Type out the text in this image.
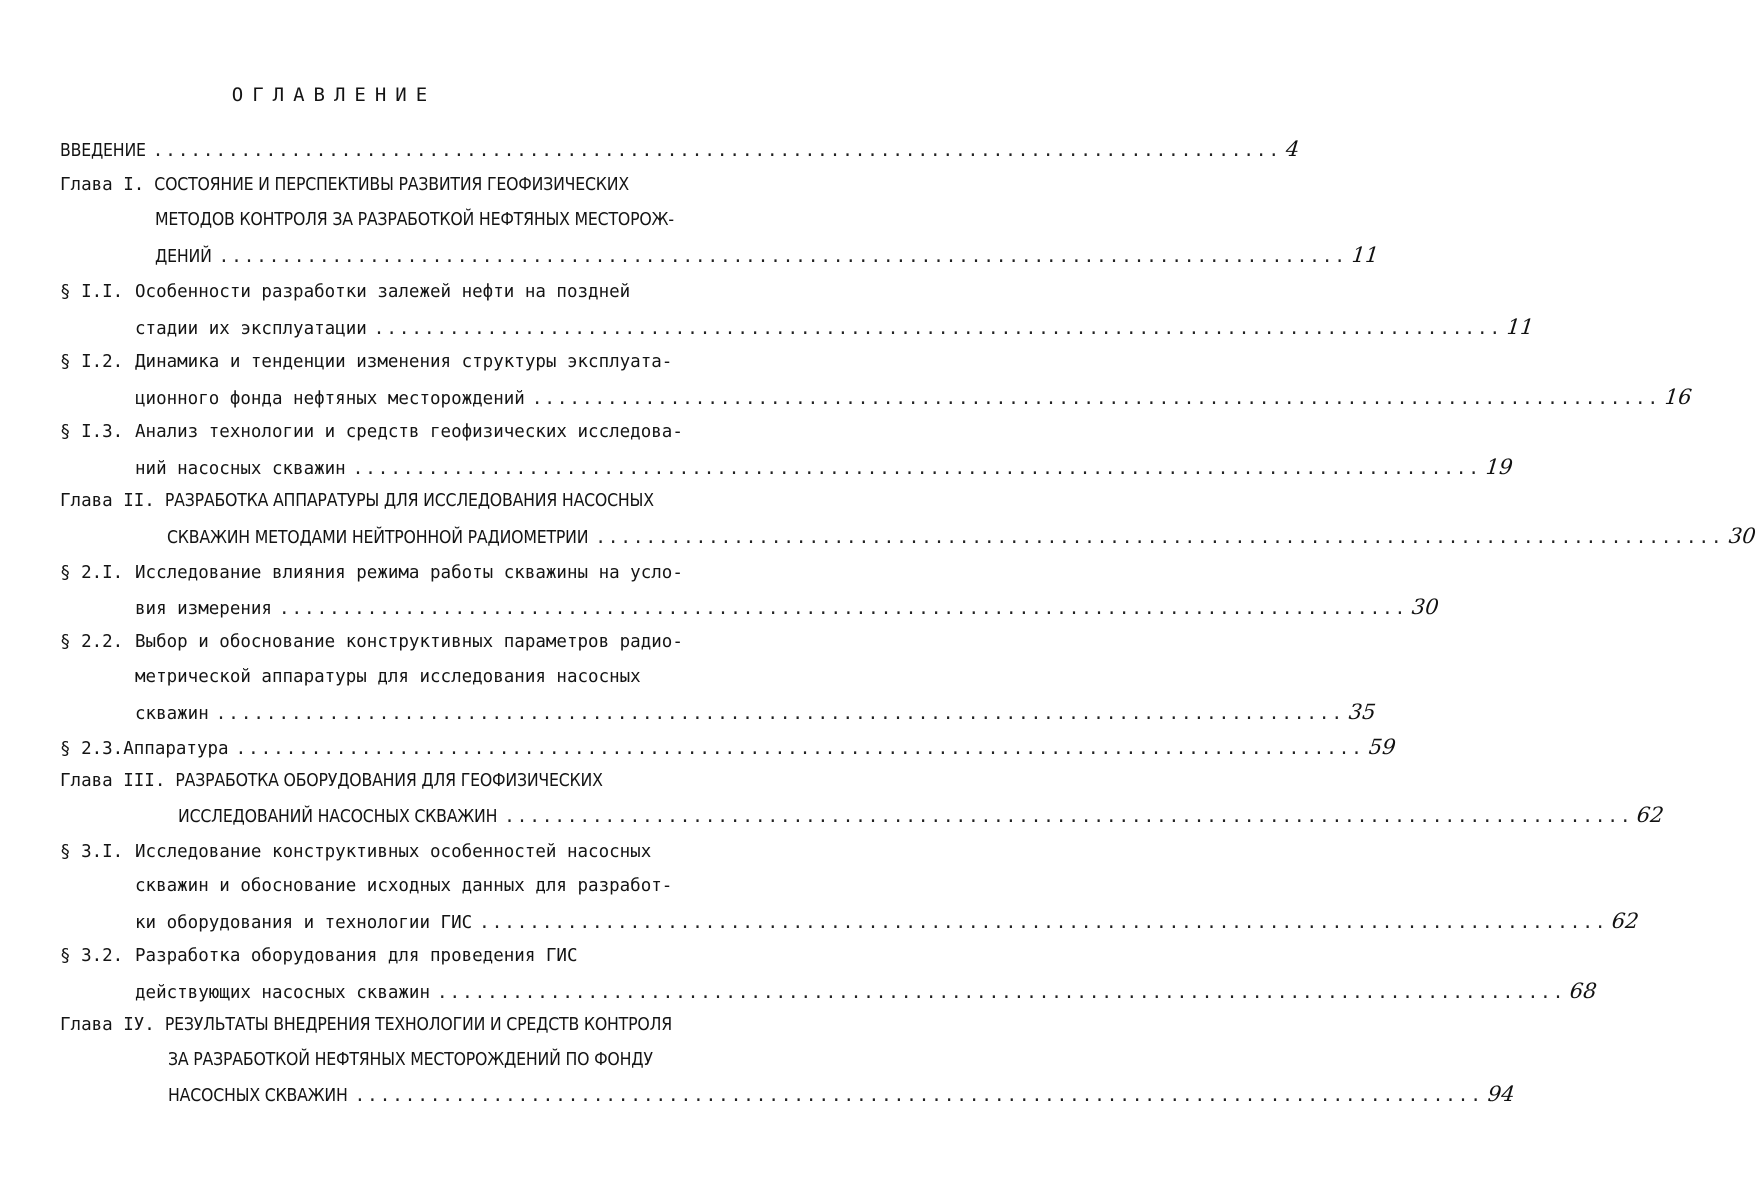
ОГЛАВЛЕНИЕ
ВВЕДЕНИЕ .......................................................................................... 4
Глава I. СОСТОЯНИЕ И ПЕРСПЕКТИВЫ РАЗВИТИЯ ГЕОФИЗИЧЕСКИХ
МЕТОДОВ КОНТРОЛЯ ЗА РАЗРАБОТКОЙ НЕФТЯНЫХ МЕСТОРОЖ-
ДЕНИЙ .......................................................................................... 11
§ I.I. Особенности разработки залежей нефти на поздней
стадии их эксплуатации .......................................................................................... 11
§ I.2. Динамика и тенденции изменения структуры эксплуата-
ционного фонда нефтяных месторождений .......................................................................................... 16
§ I.3. Анализ технологии и средств геофизических исследова-
ний насосных скважин .......................................................................................... 19
Глава II. РАЗРАБОТКА АППАРАТУРЫ ДЛЯ ИССЛЕДОВАНИЯ НАСОСНЫХ
СКВАЖИН МЕТОДАМИ НЕЙТРОННОЙ РАДИОМЕТРИИ .......................................................................................... 30
§ 2.I. Исследование влияния режима работы скважины на усло-
вия измерения .......................................................................................... 30
§ 2.2. Выбор и обоснование конструктивных параметров радио-
метрической аппаратуры для исследования насосных
скважин .......................................................................................... 35
§ 2.3. Аппаратура .......................................................................................... 59
Глава III. РАЗРАБОТКА ОБОРУДОВАНИЯ ДЛЯ ГЕОФИЗИЧЕСКИХ
ИССЛЕДОВАНИЙ НАСОСНЫХ СКВАЖИН .......................................................................................... 62
§ 3.I. Исследование конструктивных особенностей насосных
скважин и обоснование исходных данных для разработ-
ки оборудования и технологии ГИС .......................................................................................... 62
§ 3.2. Разработка оборудования для проведения ГИС
действующих насосных скважин .......................................................................................... 68
Глава IУ. РЕЗУЛЬТАТЫ ВНЕДРЕНИЯ ТЕХНОЛОГИИ И СРЕДСТВ КОНТРОЛЯ
ЗА РАЗРАБОТКОЙ НЕФТЯНЫХ МЕСТОРОЖДЕНИЙ ПО ФОНДУ
НАСОСНЫХ СКВАЖИН .......................................................................................... 94
